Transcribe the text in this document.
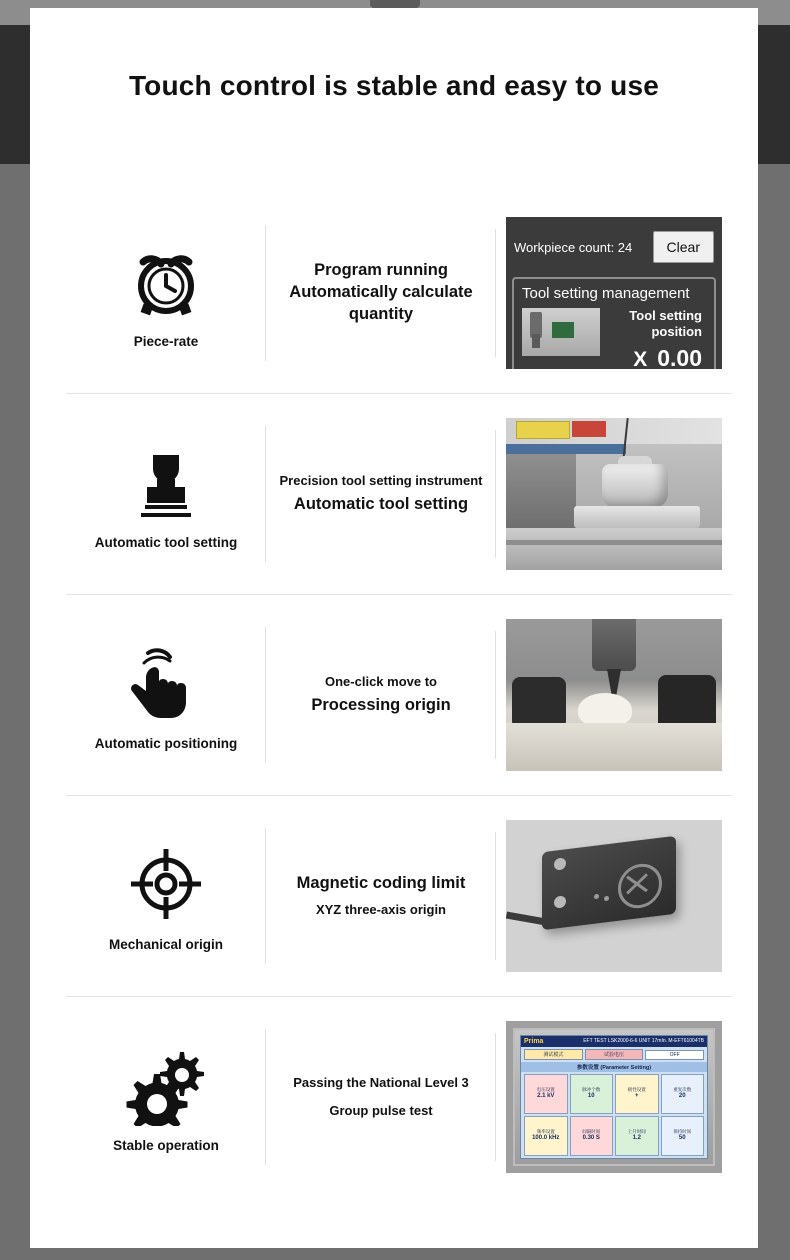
Touch control is stable and easy to use
Piece-rate
Program running
Automatically calculate quantity
Workpiece count: 24	Clear
Tool setting management
Tool setting
position
X 0.00
Automatic tool setting
Precision tool setting instrument
Automatic tool setting
Automatic positioning
One-click move to
Processing origin
Mechanical origin
Magnetic coding limit
XYZ three-axis origin
Stable operation
Passing the National Level 3
Group pulse test
Prima	EFT TEST LSK2000-6-6 UNIT 17mIn. M-EFT61004TB
测试模式	试验电压	OFF
参数设置 (Parameter Setting)
电压设置
2.1 kV
脉冲个数
10
极性设置
+
重复次数
20
频率设置
100.0 kHz
间隔时间
0.30 S
上升时间
1.2
保持时间
50
